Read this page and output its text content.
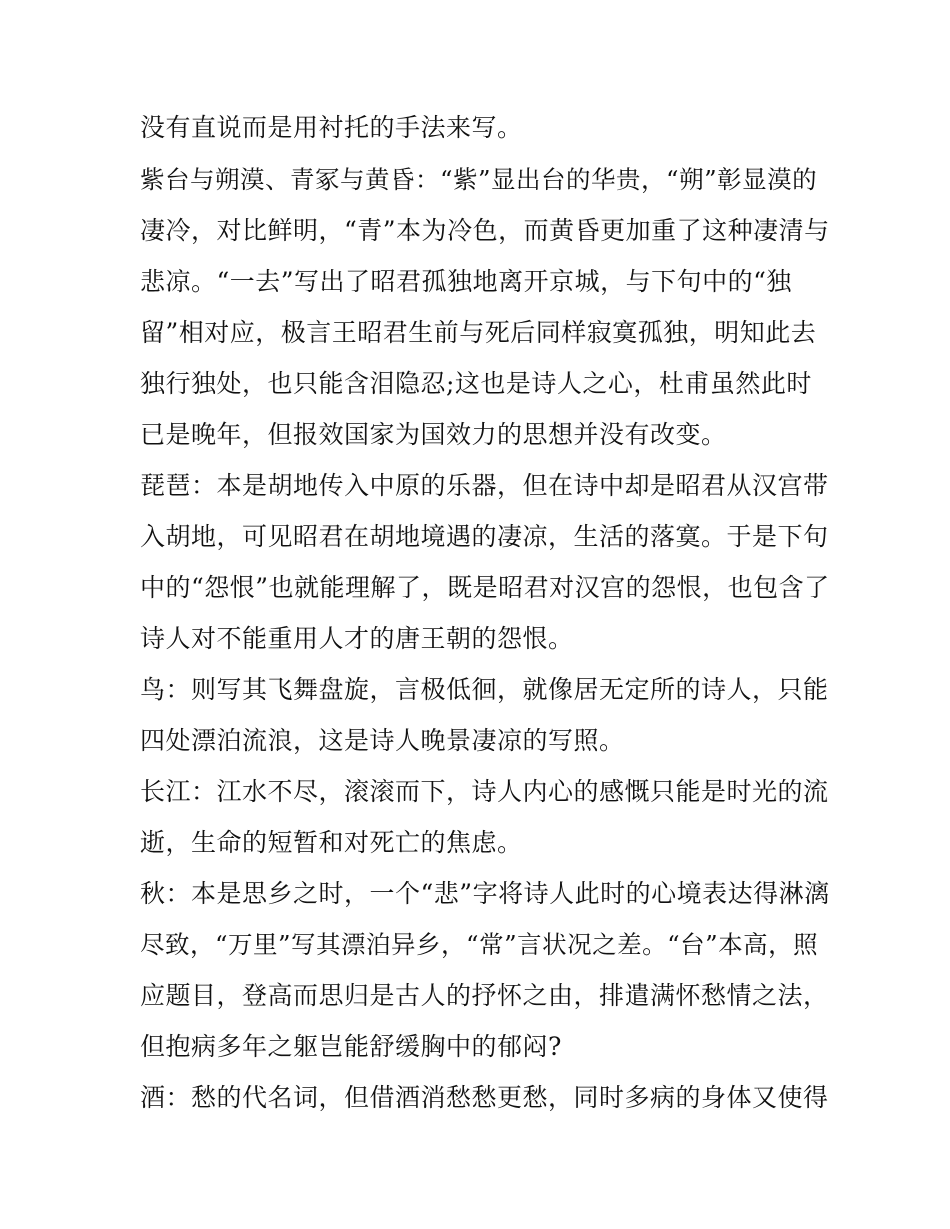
没有直说而是用衬托的手法来写。
紫台与朔漠、青冢与黄昏：“紫”显出台的华贵，“朔”彰显漠的
凄冷，对比鲜明，“青”本为冷色，而黄昏更加重了这种凄清与
悲凉。“一去”写出了昭君孤独地离开京城，与下句中的“独
留”相对应，极言王昭君生前与死后同样寂寞孤独，明知此去
独行独处，也只能含泪隐忍;这也是诗人之心，杜甫虽然此时
已是晚年，但报效国家为国效力的思想并没有改变。
琵琶：本是胡地传入中原的乐器，但在诗中却是昭君从汉宫带
入胡地，可见昭君在胡地境遇的凄凉，生活的落寞。于是下句
中的“怨恨”也就能理解了，既是昭君对汉宫的怨恨，也包含了
诗人对不能重用人才的唐王朝的怨恨。
鸟：则写其飞舞盘旋，言极低徊，就像居无定所的诗人，只能
四处漂泊流浪，这是诗人晚景凄凉的写照。
长江：江水不尽，滚滚而下，诗人内心的感慨只能是时光的流
逝，生命的短暂和对死亡的焦虑。
秋：本是思乡之时，一个“悲”字将诗人此时的心境表达得淋漓
尽致，“万里”写其漂泊异乡，“常”言状况之差。“台”本高，照
应题目，登高而思归是古人的抒怀之由，排遣满怀愁情之法，
但抱病多年之躯岂能舒缓胸中的郁闷?
酒：愁的代名词，但借酒消愁愁更愁，同时多病的身体又使得
